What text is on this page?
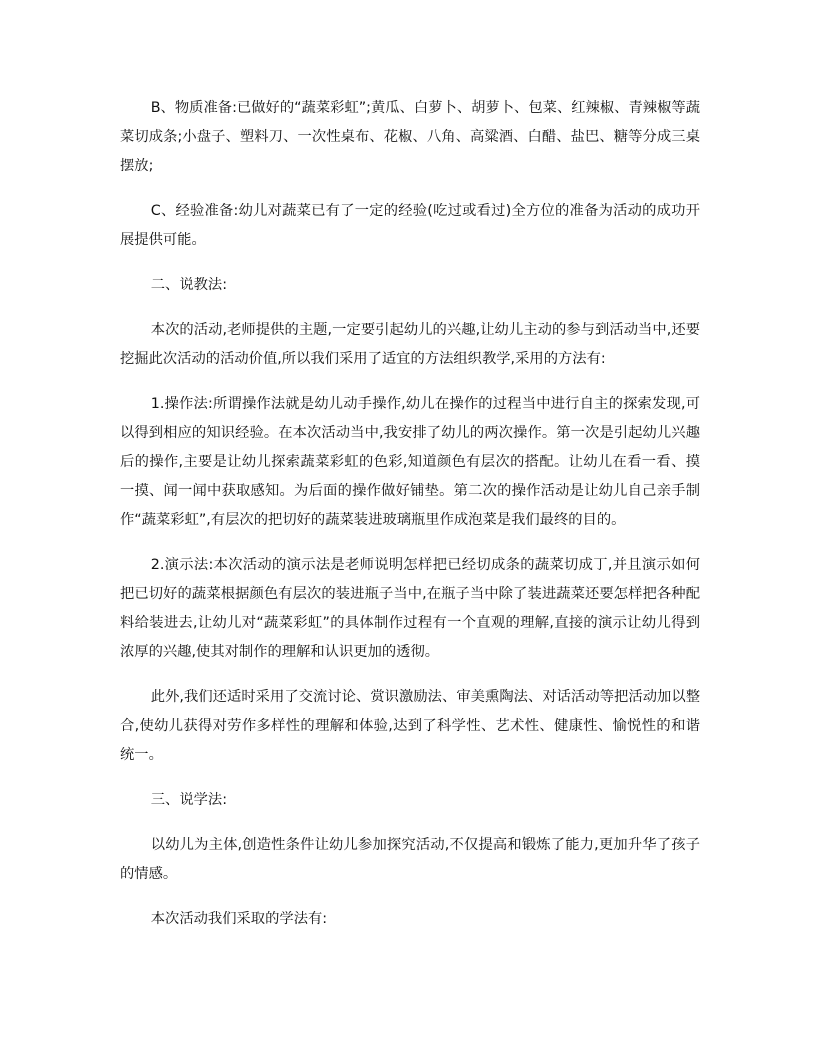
B、物质准备:已做好的“蔬菜彩虹”;黄瓜、白萝卜、胡萝卜、包菜、红辣椒、青辣椒等蔬菜切成条;小盘子、塑料刀、一次性桌布、花椒、八角、高粱酒、白醋、盐巴、糖等分成三桌摆放;

C、经验准备:幼儿对蔬菜已有了一定的经验(吃过或看过)全方位的准备为活动的成功开展提供可能。

二、说教法:

本次的活动,老师提供的主题,一定要引起幼儿的兴趣,让幼儿主动的参与到活动当中,还要挖掘此次活动的活动价值,所以我们采用了适宜的方法组织教学,采用的方法有:

1.操作法:所谓操作法就是幼儿动手操作,幼儿在操作的过程当中进行自主的探索发现,可以得到相应的知识经验。在本次活动当中,我安排了幼儿的两次操作。第一次是引起幼儿兴趣后的操作,主要是让幼儿探索蔬菜彩虹的色彩,知道颜色有层次的搭配。让幼儿在看一看、摸一摸、闻一闻中获取感知。为后面的操作做好铺垫。第二次的操作活动是让幼儿自己亲手制作“蔬菜彩虹”,有层次的把切好的蔬菜装进玻璃瓶里作成泡菜是我们最终的目的。

2.演示法:本次活动的演示法是老师说明怎样把已经切成条的蔬菜切成丁,并且演示如何把已切好的蔬菜根据颜色有层次的装进瓶子当中,在瓶子当中除了装进蔬菜还要怎样把各种配料给装进去,让幼儿对“蔬菜彩虹”的具体制作过程有一个直观的理解,直接的演示让幼儿得到浓厚的兴趣,使其对制作的理解和认识更加的透彻。

此外,我们还适时采用了交流讨论、赏识激励法、审美熏陶法、对话活动等把活动加以整合,使幼儿获得对劳作多样性的理解和体验,达到了科学性、艺术性、健康性、愉悦性的和谐统一。

三、说学法:

以幼儿为主体,创造性条件让幼儿参加探究活动,不仅提高和锻炼了能力,更加升华了孩子的情感。

本次活动我们采取的学法有:
